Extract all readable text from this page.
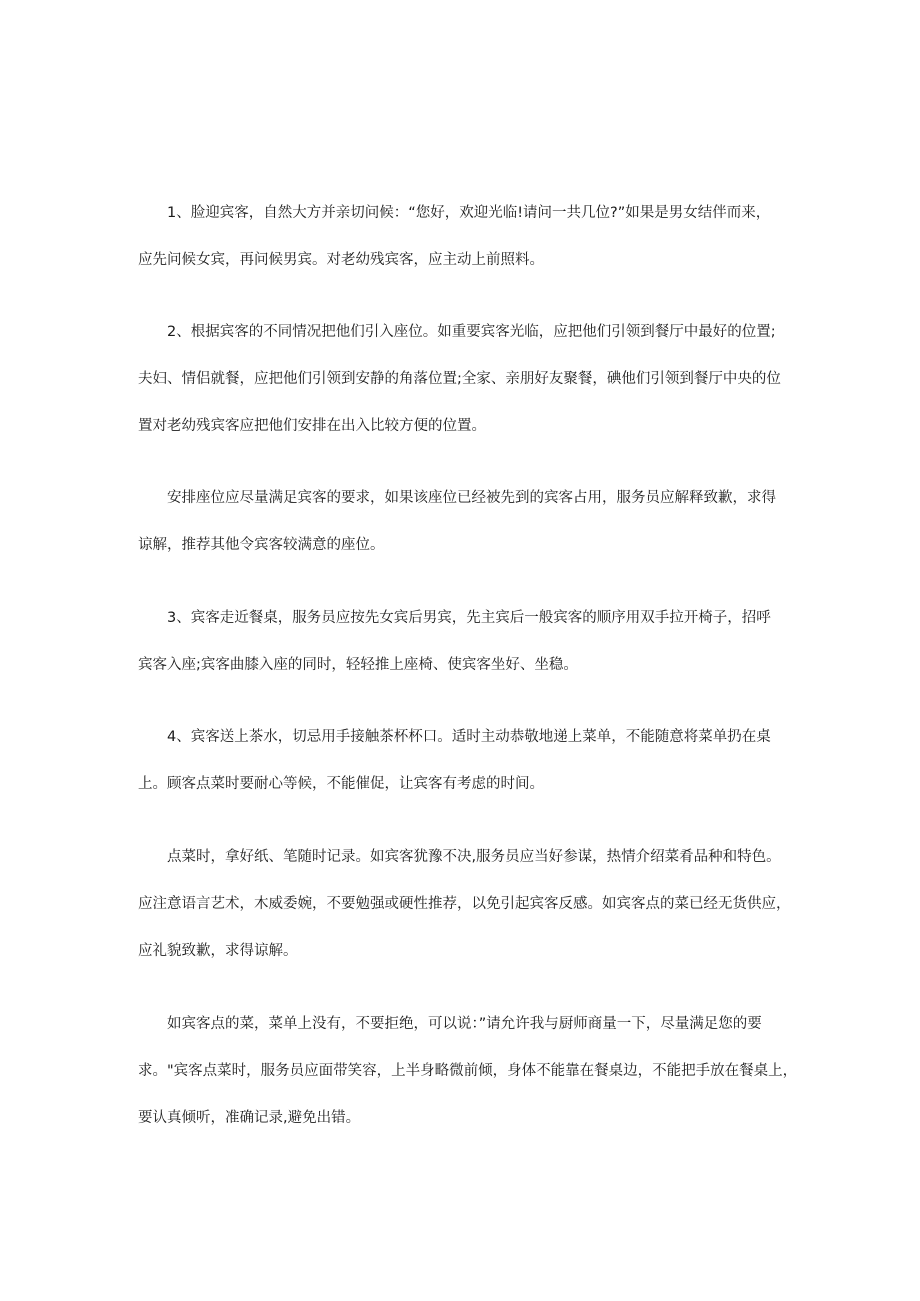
1、脸迎宾客，自然大方并亲切问候：“您好，欢迎光临!请问一共几位?”如果是男女结伴而来，
应先问候女宾，再问候男宾。对老幼残宾客，应主动上前照料。
2、根据宾客的不同情况把他们引入座位。如重要宾客光临，应把他们引领到餐厅中最好的位置;
夫妇、情侣就餐，应把他们引领到安静的角落位置;全家、亲朋好友聚餐，碘他们引领到餐厅中央的位
置对老幼残宾客应把他们安排在出入比较方便的位置。
安排座位应尽量满足宾客的要求，如果该座位已经被先到的宾客占用，服务员应解释致歉，求得
谅解，推荐其他令宾客较满意的座位。
3、宾客走近餐桌，服务员应按先女宾后男宾，先主宾后一般宾客的顺序用双手拉开椅子，招呼
宾客入座;宾客曲膝入座的同时，轻轻推上座椅、使宾客坐好、坐稳。
4、宾客送上茶水，切忌用手接触茶杯杯口。适时主动恭敬地递上菜单，不能随意将菜单扔在桌
上。顾客点菜时要耐心等候，不能催促，让宾客有考虑的时间。
点菜时，拿好纸、笔随时记录。如宾客犹豫不决,服务员应当好参谋，热情介绍菜肴品种和特色。
应注意语言艺术，木威委婉，不要勉强或硬性推荐，以免引起宾客反感。如宾客点的菜已经无货供应，
应礼貌致歉，求得谅解。
如宾客点的菜，菜单上没有，不要拒绝，可以说：”请允许我与厨师商量一下，尽量满足您的要
求。"宾客点菜时，服务员应面带笑容，上半身略微前倾，身体不能靠在餐桌边，不能把手放在餐桌上，
要认真倾听，准确记录,避免出错。
